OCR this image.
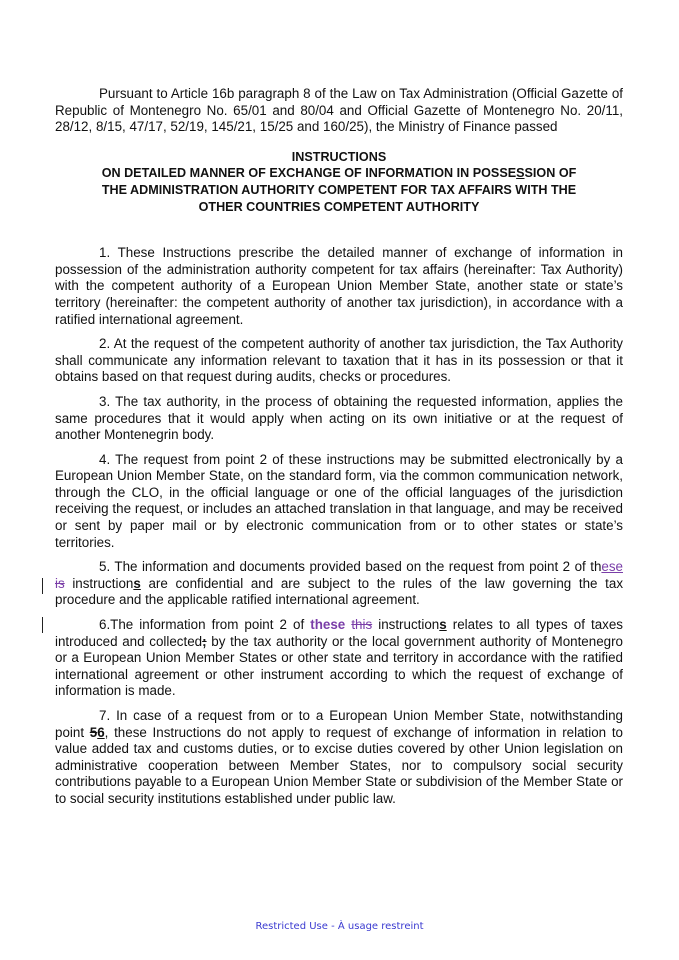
Pursuant to Article 16b paragraph 8 of the Law on Tax Administration (Official Gazette of Republic of Montenegro No. 65/01 and 80/04 and Official Gazette of Montenegro No. 20/11, 28/12, 8/15, 47/17, 52/19, 145/21, 15/25 and 160/25), the Ministry of Finance passed

INSTRUCTIONS
ON DETAILED MANNER OF EXCHANGE OF INFORMATION IN POSSESSION OF
THE ADMINISTRATION AUTHORITY COMPETENT FOR TAX AFFAIRS WITH THE
OTHER COUNTRIES COMPETENT AUTHORITY

1. These Instructions prescribe the detailed manner of exchange of information in possession of the administration authority competent for tax affairs (hereinafter: Tax Authority) with the competent authority of a European Union Member State, another state or state’s territory (hereinafter: the competent authority of another tax jurisdiction), in accordance with a ratified international agreement.

2. At the request of the competent authority of another tax jurisdiction, the Tax Authority shall communicate any information relevant to taxation that it has in its possession or that it obtains based on that request during audits, checks or procedures.

3. The tax authority, in the process of obtaining the requested information, applies the same procedures that it would apply when acting on its own initiative or at the request of another Montenegrin body.

4. The request from point 2 of these instructions may be submitted electronically by a European Union Member State, on the standard form, via the common communication network, through the CLO, in the official language or one of the official languages of the jurisdiction receiving the request, or includes an attached translation in that language, and may be received or sent by paper mail or by electronic communication from or to other states or state’s territories.

5. The information and documents provided based on the request from point 2 of these is instructions are confidential and are subject to the rules of the law governing the tax procedure and the applicable ratified international agreement.

6.The information from point 2 of these this instructions relates to all types of taxes introduced and collected; by the tax authority or the local government authority of Montenegro or a European Union Member States or other state and territory in accordance with the ratified international agreement or other instrument according to which the request of exchange of information is made.

7. In case of a request from or to a European Union Member State, notwithstanding point 56, these Instructions do not apply to request of exchange of information in relation to value added tax and customs duties, or to excise duties covered by other Union legislation on administrative cooperation between Member States, nor to compulsory social security contributions payable to a European Union Member State or subdivision of the Member State or to social security institutions established under public law.

Restricted Use - À usage restreint
